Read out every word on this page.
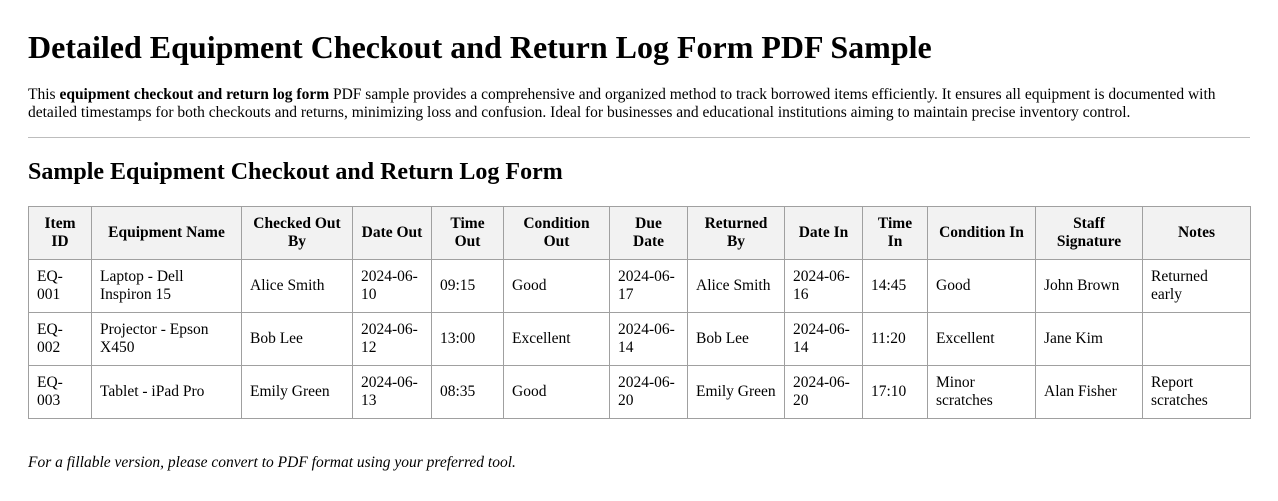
Detailed Equipment Checkout and Return Log Form PDF Sample

This equipment checkout and return log form PDF sample provides a comprehensive and organized method to track borrowed items efficiently. It ensures all equipment is documented with detailed timestamps for both checkouts and returns, minimizing loss and confusion. Ideal for businesses and educational institutions aiming to maintain precise inventory control.

Sample Equipment Checkout and Return Log Form
Item ID	Equipment Name	Checked Out By	Date Out	Time Out	Condition Out	Due Date	Returned By	Date In	Time In	Condition In	Staff Signature	Notes
EQ-001	Laptop - Dell Inspiron 15	Alice Smith	2024-06-10	09:15	Good	2024-06-17	Alice Smith	2024-06-16	14:45	Good	John Brown	Returned early
EQ-002	Projector - Epson X450	Bob Lee	2024-06-12	13:00	Excellent	2024-06-14	Bob Lee	2024-06-14	11:20	Excellent	Jane Kim	
EQ-003	Tablet - iPad Pro	Emily Green	2024-06-13	08:35	Good	2024-06-20	Emily Green	2024-06-20	17:10	Minor scratches	Alan Fisher	Report scratches

For a fillable version, please convert to PDF format using your preferred tool.
